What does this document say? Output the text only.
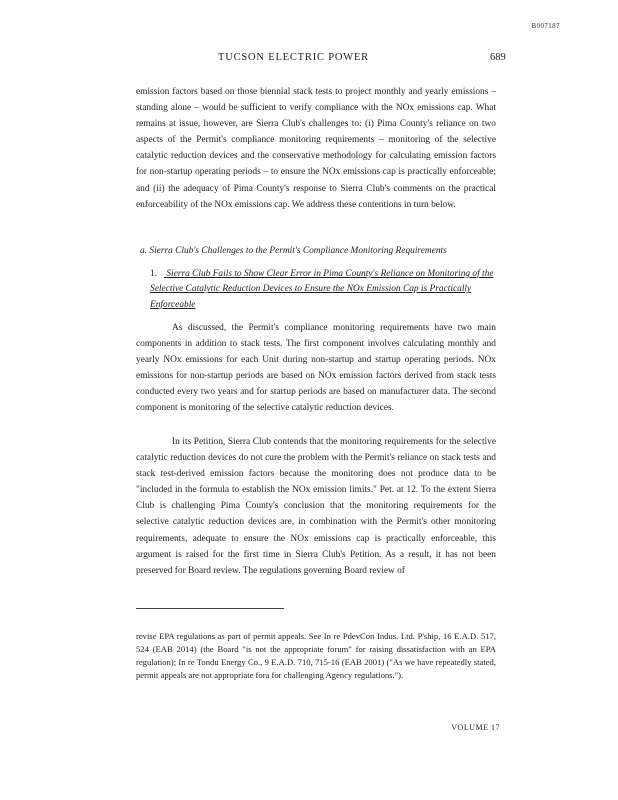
B007187
TUCSON ELECTRIC POWER	689

emission factors based on those biennial stack tests to project monthly and yearly emissions – standing alone – would be sufficient to verify compliance with the NOx emissions cap. What remains at issue, however, are Sierra Club's challenges to: (i) Pima County's reliance on two aspects of the Permit's compliance monitoring requirements – monitoring of the selective catalytic reduction devices and the conservative methodology for calculating emission factors for non-startup operating periods – to ensure the NOx emissions cap is practically enforceable; and (ii) the adequacy of Pima County's response to Sierra Club's comments on the practical enforceability of the NOx emissions cap. We address these contentions in turn below.

a. Sierra Club's Challenges to the Permit's Compliance Monitoring Requirements
1. Sierra Club Fails to Show Clear Error in Pima County's Reliance on Monitoring of the Selective Catalytic Reduction Devices to Ensure the NOx Emission Cap is Practically Enforceable

As discussed, the Permit's compliance monitoring requirements have two main components in addition to stack tests. The first component involves calculating monthly and yearly NOx emissions for each Unit during non-startup and startup operating periods. NOx emissions for non-startup periods are based on NOx emission factors derived from stack tests conducted every two years and for startup periods are based on manufacturer data. The second component is monitoring of the selective catalytic reduction devices.

In its Petition, Sierra Club contends that the monitoring requirements for the selective catalytic reduction devices do not cure the problem with the Permit's reliance on stack tests and stack test-derived emission factors because the monitoring does not produce data to be "included in the formula to establish the NOx emission limits." Pet. at 12. To the extent Sierra Club is challenging Pima County's conclusion that the monitoring requirements for the selective catalytic reduction devices are, in combination with the Permit's other monitoring requirements, adequate to ensure the NOx emissions cap is practically enforceable, this argument is raised for the first time in Sierra Club's Petition. As a result, it has not been preserved for Board review. The regulations governing Board review of

revise EPA regulations as part of permit appeals. See In re PdevCon Indus. Ltd. P'ship, 16 E.A.D. 517, 524 (EAB 2014) (the Board "is not the appropriate forum" for raising dissatisfaction with an EPA regulation); In re Tondu Energy Co., 9 E.A.D. 710, 715-16 (EAB 2001) ("As we have repeatedly stated, permit appeals are not appropriate fora for challenging Agency regulations.").

VOLUME 17
